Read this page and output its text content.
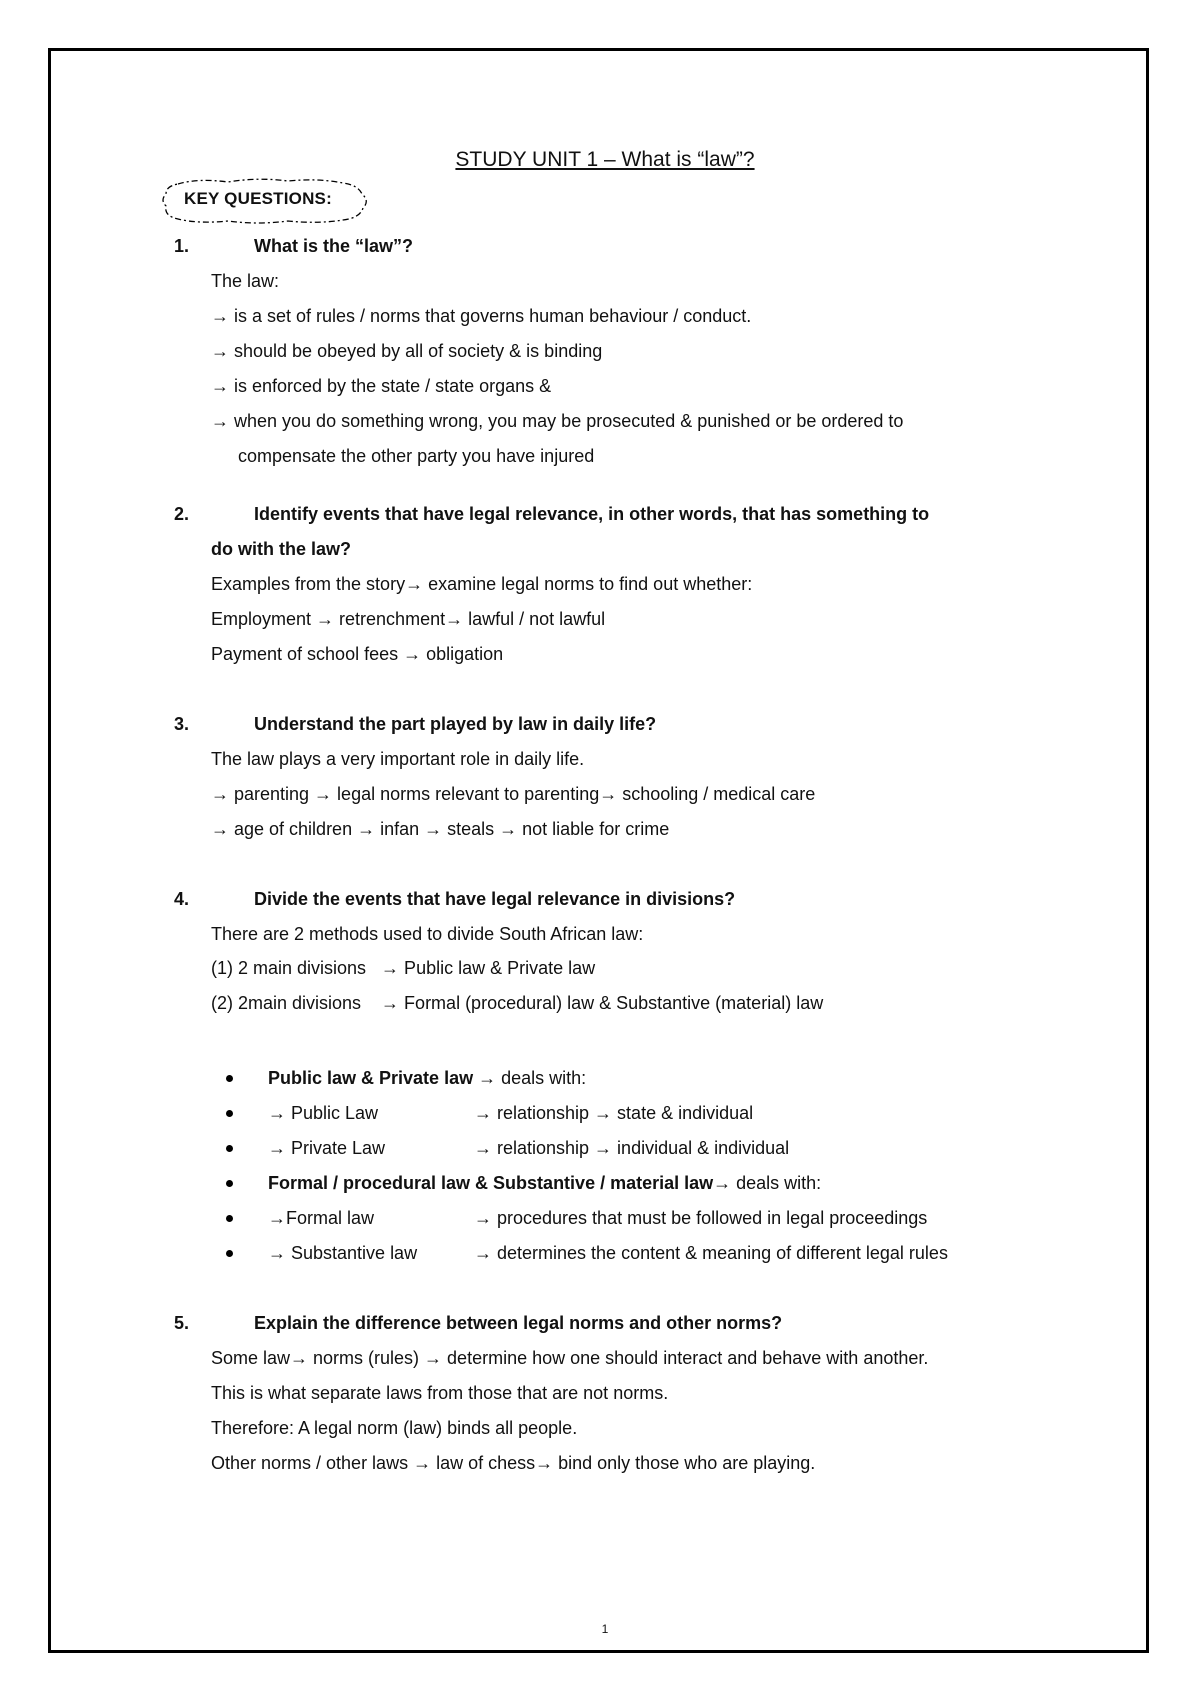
STUDY UNIT 1 – What is “law”?
KEY QUESTIONS:
1.	What is the “law”?
The law:
→ is a set of rules / norms that governs human behaviour / conduct.
→ should be obeyed by all of society & is binding
→ is enforced by the state / state organs &
→ when you do something wrong, you may be prosecuted & punished or be ordered to
compensate the other party you have injured
2.	Identify events that have legal relevance, in other words, that has something to
do with the law?
Examples from the story→ examine legal norms to find out whether:
Employment → retrenchment→ lawful / not lawful
Payment of school fees → obligation
3.	Understand the part played by law in daily life?
The law plays a very important role in daily life.
→ parenting → legal norms relevant to parenting→ schooling / medical care
→ age of children → infan → steals → not liable for crime
4.	Divide the events that have legal relevance in divisions?
There are 2 methods used to divide South African law:
(1) 2 main divisions   → Public law & Private law
(2) 2main divisions    → Formal (procedural) law & Substantive (material) law
Public law & Private law → deals with:
→ Public Law	→ relationship → state & individual
→ Private Law	→ relationship → individual & individual
Formal / procedural law & Substantive / material law→ deals with:
→Formal law	→ procedures that must be followed in legal proceedings
→ Substantive law	→ determines the content & meaning of different legal rules
5.	Explain the difference between legal norms and other norms?
Some law→ norms (rules) → determine how one should interact and behave with another.
This is what separate laws from those that are not norms.
Therefore: A legal norm (law) binds all people.
Other norms / other laws → law of chess→ bind only those who are playing.
1
